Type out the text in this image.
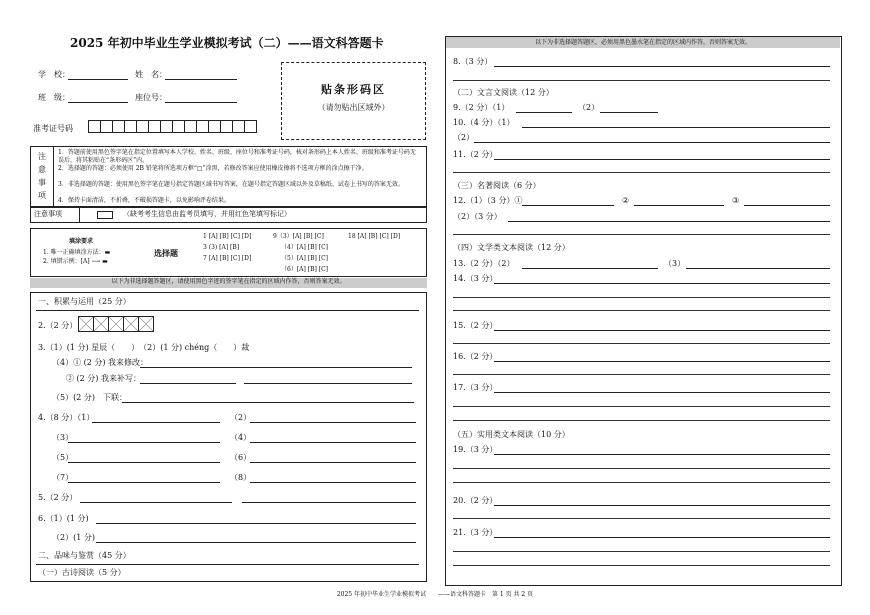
2025 年初中毕业生学业模拟考试（二）——语文科答题卡
学　校：	姓　名：
班　级：	座位号：
准考证号码
贴条形码区
（请勿贴出区域外）
注
意
事
项
1．答题前使用黑色签字笔在指定位置填写本人学校、姓名、班级、座位号和准考证号码，核对条形码上本人姓名、班级和准考证号码无误后，将其粘贴在“条形码区”内。
2．选择题的答题：必须使用 2B 铅笔将所选项方框“□”涂黑，若修改答案应使用橡皮擦将不选项方框的涂点擦干净。
3．非选择题的答题：使用黑色签字笔在题号指定答题区域书写答案，在题号指定答题区域以外及草稿纸、试卷上书写的答案无效。
4．保持卡面清洁，不折叠，不破损答题卡，以免影响评卷结果。
注意事项	（缺考考生信息由监考员填写，并用红色笔填写标记）
填涂要求
1. 唯一正确填涂方法：▬
2. 填错示例：[A] ⟶ ▬
选择题
1 [A] [B] [C] [D]
3 (3) [A] [B]
7 [A] [B] [C] [D]
9（3）[A] [B] [C]
（4）[A] [B] [C]
（5）[A] [B] [C]
（6）[A] [B] [C]
18 [A] [B] [C] [D]
以下为非选择题答题区，请使用黑色字迹的签字笔在指定的区域内作答，否则答案无效。
一、积累与运用（25 分）
2.（2 分）
3.（1）(1 分) 星辰（　　）　（2）(1 分) chéng（　　）裁
（4）① (2 分) 我来修改：
② (2 分) 我来补写：
（5）(2 分)　下联：
4.（8 分）（1）	（2）
（3）	（4）
（5）	（6）
（7）	（8）
5.（2 分）
6.（1）(1 分)
（2）(1 分)
二、品味与鉴赏（45 分）
（一）古诗阅读（5 分）
以下为非选择题答题区，必须用黑色墨水笔在指定的区域内作答，否则答案无效。
8.（3 分）
（二）文言文阅读（12 分）
9.（2 分）（1）	（2）
10.（4 分）（1）
（2）
11.（2 分）
（三）名著阅读（6 分）
12.（1）（3 分）①	②	③
（2）（3 分）
（四）文学类文本阅读（12 分）
13.（2 分）（2）	（3）
14.（3 分）
15.（2 分）
16.（2 分）
17.（3 分）
（五）实用类文本阅读（10 分）
19.（3 分）
20.（2 分）
21.（3 分）
2025 年初中毕业生学业模拟考试　　——语文科答题卡　第 1 页 共 2 页
